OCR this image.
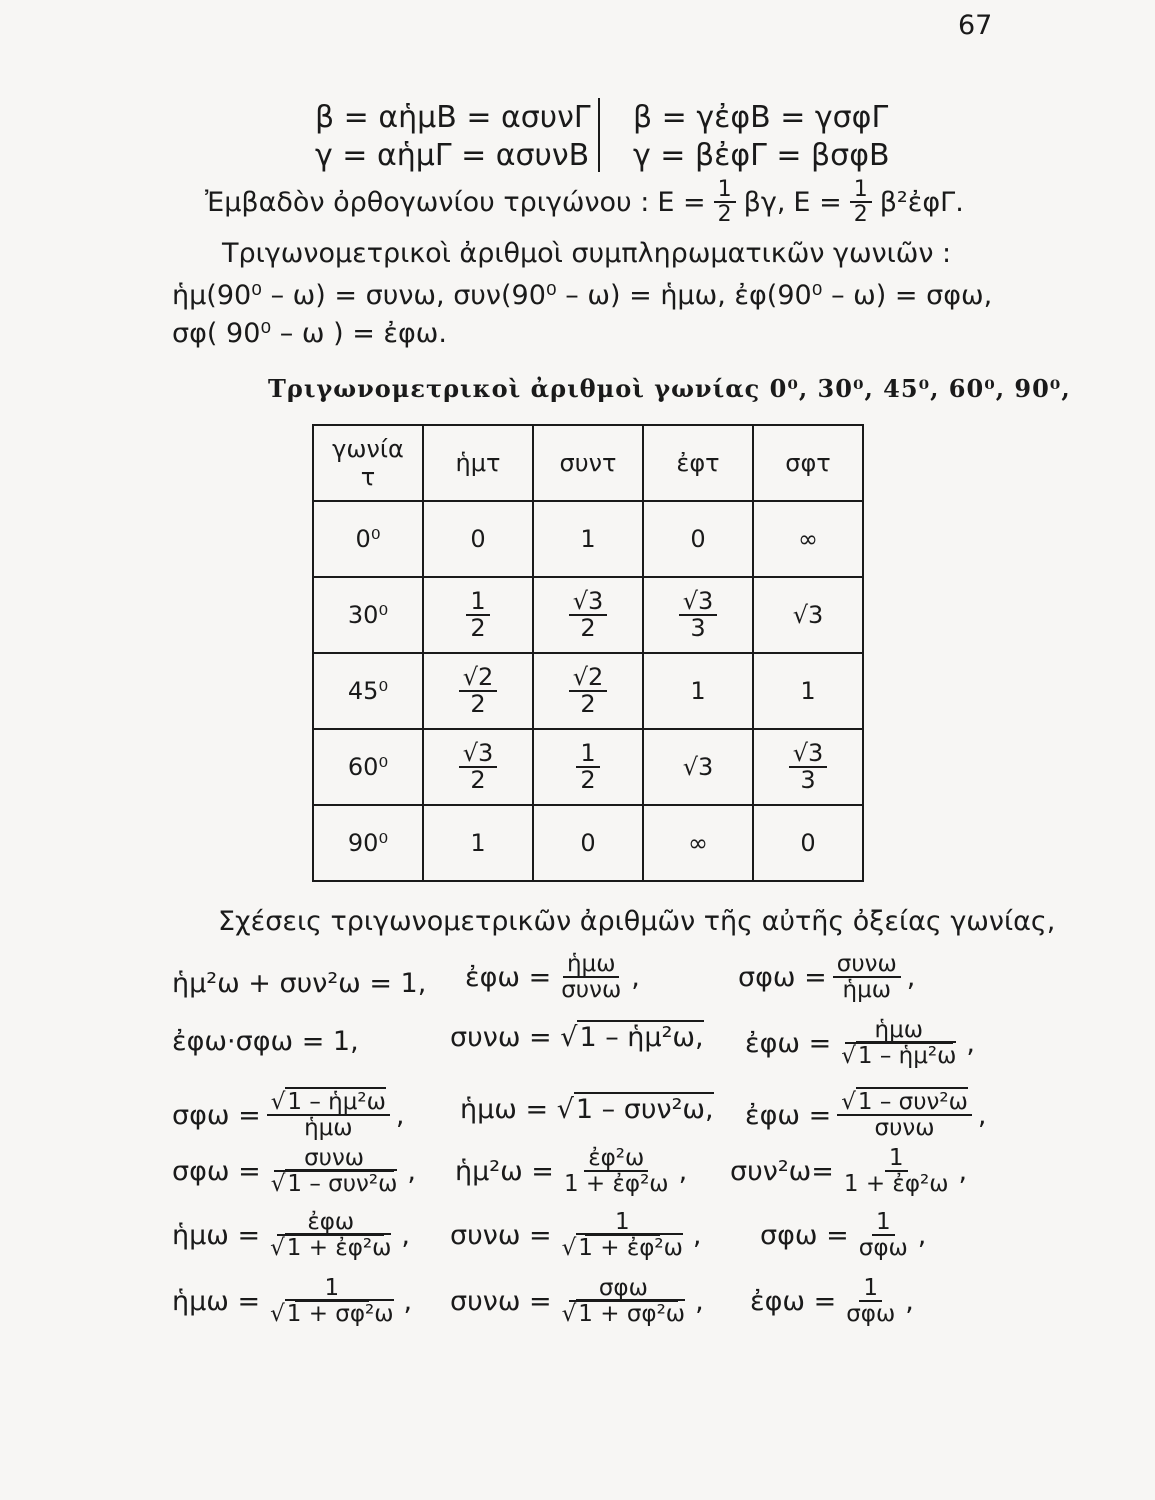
67
β = αἡμΒ = ασυνΓ
γ = αἡμΓ = ασυνΒ
β = γἐφΒ = γσφΓ
γ = βἐφΓ = βσφΒ
Ἐμβαδὸν ὀρθογωνίου τριγώνου : $E = \frac{1}{2} \beta\gamma$, $E = \frac{1}{2}$ β²ἐφΓ.
Τριγωνομετρικοὶ ἀριθμοὶ συμπληρωματικῶν γωνιῶν :
ἡμ(90⁰ – ω) = συνω, συν(90⁰ – ω) = ἡμω, ἐφ(90⁰ – ω) = σφω,
σφ( 90⁰ – ω ) = ἐφω.
Τριγωνομετρικοὶ ἀριθμοὶ γωνίας 0⁰, 30⁰, 45⁰, 60⁰, 90⁰,
γωνία
τ	ἡμτ	συντ	ἐφτ	σφτ
0⁰	0	1	0	∞
30⁰	$\frac{1}{2}$	$\frac{√3}{2}$	$\frac{√3}{3}$	√3
45⁰	$\frac{√2}{2}$	$\frac{√2}{2}$	1	1
60⁰	$\frac{√3}{2}$	$\frac{1}{2}$	√3	$\frac{√3}{3}$

90⁰	1	0	∞	0
Σχέσεις τριγωνομετρικῶν ἀριθμῶν τῆς αὐτῆς ὀξείας γωνίας,
ἡμ²ω + συν²ω = 1, ἐφω = $\frac{\text{ἡμω}}{\text{συνω}}$ ,	$\sigma\varphi\omega = \frac{\text{συνω}}{\text{ἡμω}}$ ,
ἐφω·σφω = 1,	συνω = √1 – ἡμ²ω, ἐφω = $\frac{\text{ἡμω}}{\text{√1 – ἡμ²ω}}$ ,
$\sigma\varphi\omega = \frac{\text{√1 – ἡμ²ω}}{\text{ἡμω}}$ , ἡμω = √1 – συν²ω, ἐφω = $\frac{\text{√1 – συν²ω}}{\text{συνω}}$ ,
$\sigma\varphi\omega = \frac{\text{συνω}}{\text{√1 – συν²ω}}$ , ἡμ²ω = $\frac{\text{ἐφ²ω}}{\text{1 + ἐφ²ω}}$ , $\sigma\upsilon\nu^2\omega= \frac{1}{\text{1 + ἐφ²ω}}$ ,
ἡμω = $\frac{\text{ἐφω}}{\text{√1 + ἐφ²ω}}$ , $\sigma\upsilon\nu\omega = \frac{1}{\text{√1 + ἐφ²ω}}$ , $\sigma\varphi\omega = \frac{1}{\text{σφω}}$ ,
ἡμω = $\frac{1}{\text{√1 + σφ²ω}}$ , $\sigma\upsilon\nu\omega = \frac{\text{σφω}}{\text{√1 + σφ²ω}}$ , ἐφω = $\frac{1}{\text{σφω}}$ ,
